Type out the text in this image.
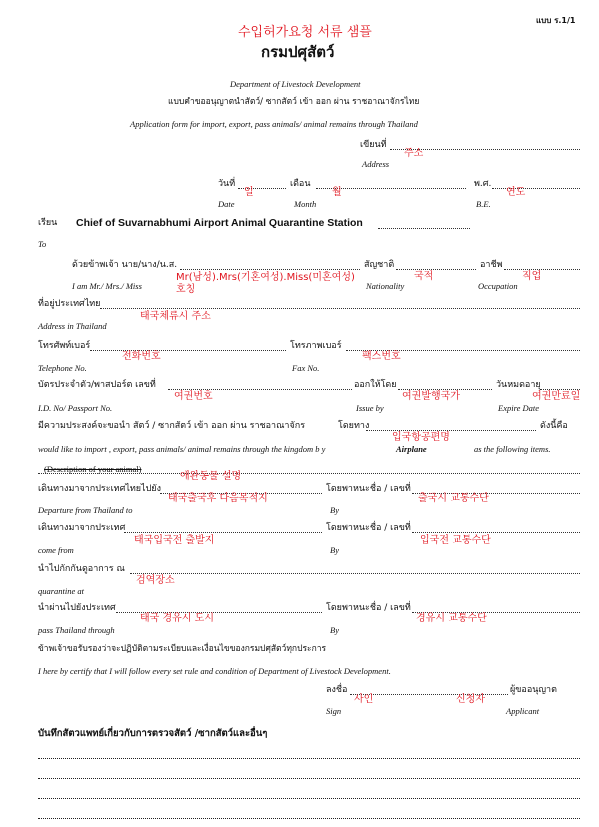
แบบ ร.1/1
수입허가요청 서류 샘플
กรมปศุสัตว์
Department of Livestock Development
แบบคำขออนุญาตนำสัตว์/ ซากสัตว์ เข้า ออก ผ่าน ราชอาณาจักรไทย
Application form for import, export, pass animals/ animal remains through Thailand
เขียนที่
주소
Address
วันที่	เดือน	พ.ศ.
일	월	연도
Date	Month	B.E.
เรียน Chief of Suvarnabhumi Airport Animal Quarantine Station
To
ด้วยข้าพเจ้า นาย/นาง/น.ส.	สัญชาติ	อาชีพ
Mr(남성).Mrs(기혼여성).Miss(미혼여성)	국적	직업
I am Mr./ Mrs./ Miss	호칭	Nationality	Occupation
ที่อยู่ประเทศไทย
태국체류시 주소
Address in Thailand
โทรศัพท์เบอร์	โทรภาพเบอร์
전화번호	팩스번호
Telephone No.	Fax No.
บัตรประจำตัว/พาสปอร์ต เลขที่	ออกให้โดย	วันหมดอายุ
여권번호	여권발행국가	여권만료일
I.D. No/ Passport No.	Issue by	Expire Date
มีความประสงค์จะขอนำ สัตว์ / ซากสัตว์ เข้า ออก ผ่าน ราชอาณาจักร	โดยทาง	ดังนี้คือ
입국항공편명
would like to import , export, pass animals/ animal remains through the kingdom b y	Airplane	as the following items.
(Description of your animal)
애완동물 설명
เดินทางมาจากประเทศไทยไปยัง	โดยพาหนะชื่อ / เลขที่
태국출국후 다음목적지	출국시 교통수단
Departure from Thailand to	By
เดินทางมาจากประเทศ	โดยพาหนะชื่อ / เลขที่
태국입국전 출발지	입국전 교통수단
come from	By
นำไปกักกันดูอาการ ณ
검역장소
quarantine at
นำผ่านไปยังประเทศ	โดยพาหนะชื่อ / เลขที่
태국 경유시 도시	경유시 교통수단
pass Thailand through	By
ข้าพเจ้าขอรับรองว่าจะปฏิบัติตามระเบียบและเงื่อนไขของกรมปศุสัตว์ทุกประการ
I here by certify that I will follow every set rule and condition of Department of Livestock Development.
ลงชื่อ	ผู้ขออนุญาต
사인	신청자
Sign	Applicant
บันทึกสัตวแพทย์เกี่ยวกับการตรวจสัตว์ /ซากสัตว์และอื่นๆ
